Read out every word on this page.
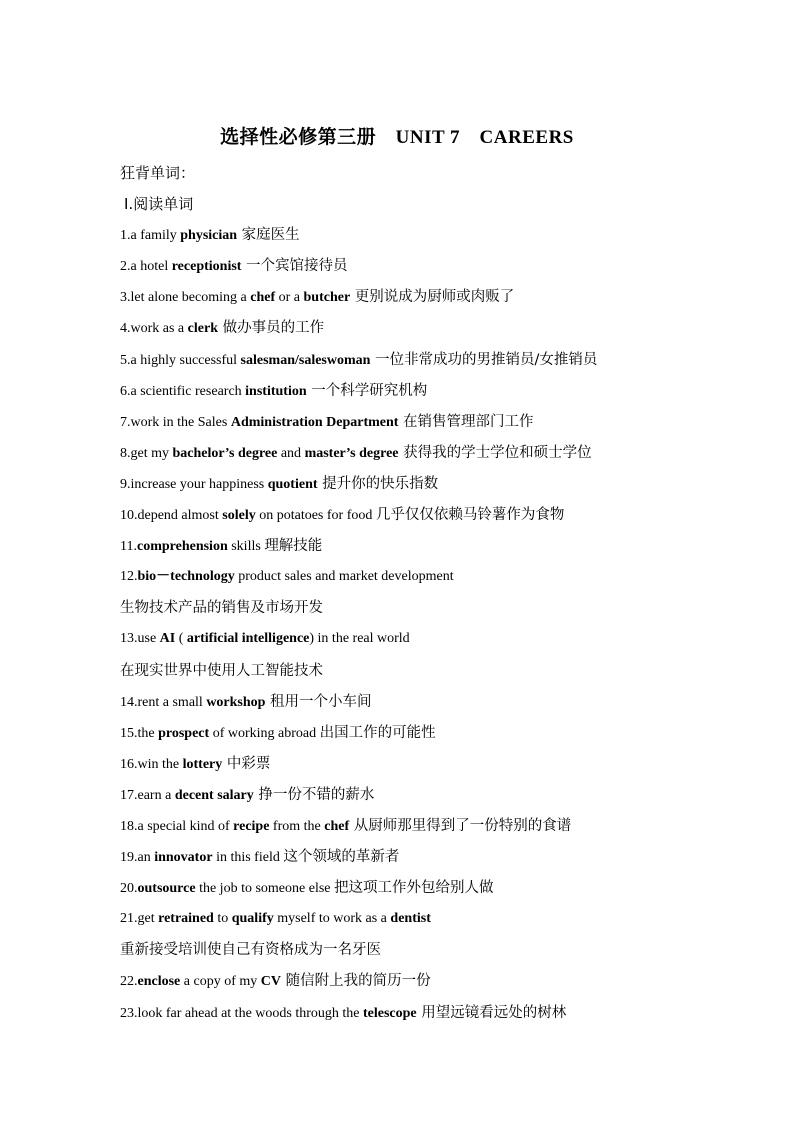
选择性必修第三册　UNIT 7　CAREERS
狂背单词：
Ⅰ.阅读单词
1.a family physician 家庭医生
2.a hotel receptionist 一个宾馆接待员
3.let alone becoming a chef or a butcher 更别说成为厨师或肉贩了
4.work as a clerk 做办事员的工作
5.a highly successful salesman/saleswoman 一位非常成功的男推销员/女推销员
6.a scientific research institution 一个科学研究机构
7.work in the Sales Administration Department 在销售管理部门工作
8.get my bachelor’s degree and master’s degree 获得我的学士学位和硕士学位
9.increase your happiness quotient 提升你的快乐指数
10.depend almost solely on potatoes for food 几乎仅仅依赖马铃薯作为食物
11.comprehension skills 理解技能
12.bio－technology product sales and market development
生物技术产品的销售及市场开发
13.use AI ( artificial intelligence) in the real world
在现实世界中使用人工智能技术
14.rent a small workshop 租用一个小车间
15.the prospect of working abroad 出国工作的可能性
16.win the lottery 中彩票
17.earn a decent salary 挣一份不错的薪水
18.a special kind of recipe from the chef 从厨师那里得到了一份特别的食谱
19.an innovator in this field 这个领域的革新者
20.outsource the job to someone else 把这项工作外包给别人做
21.get retrained to qualify myself to work as a dentist
重新接受培训使自己有资格成为一名牙医
22.enclose a copy of my CV 随信附上我的简历一份
23.look far ahead at the woods through the telescope 用望远镜看远处的树林
